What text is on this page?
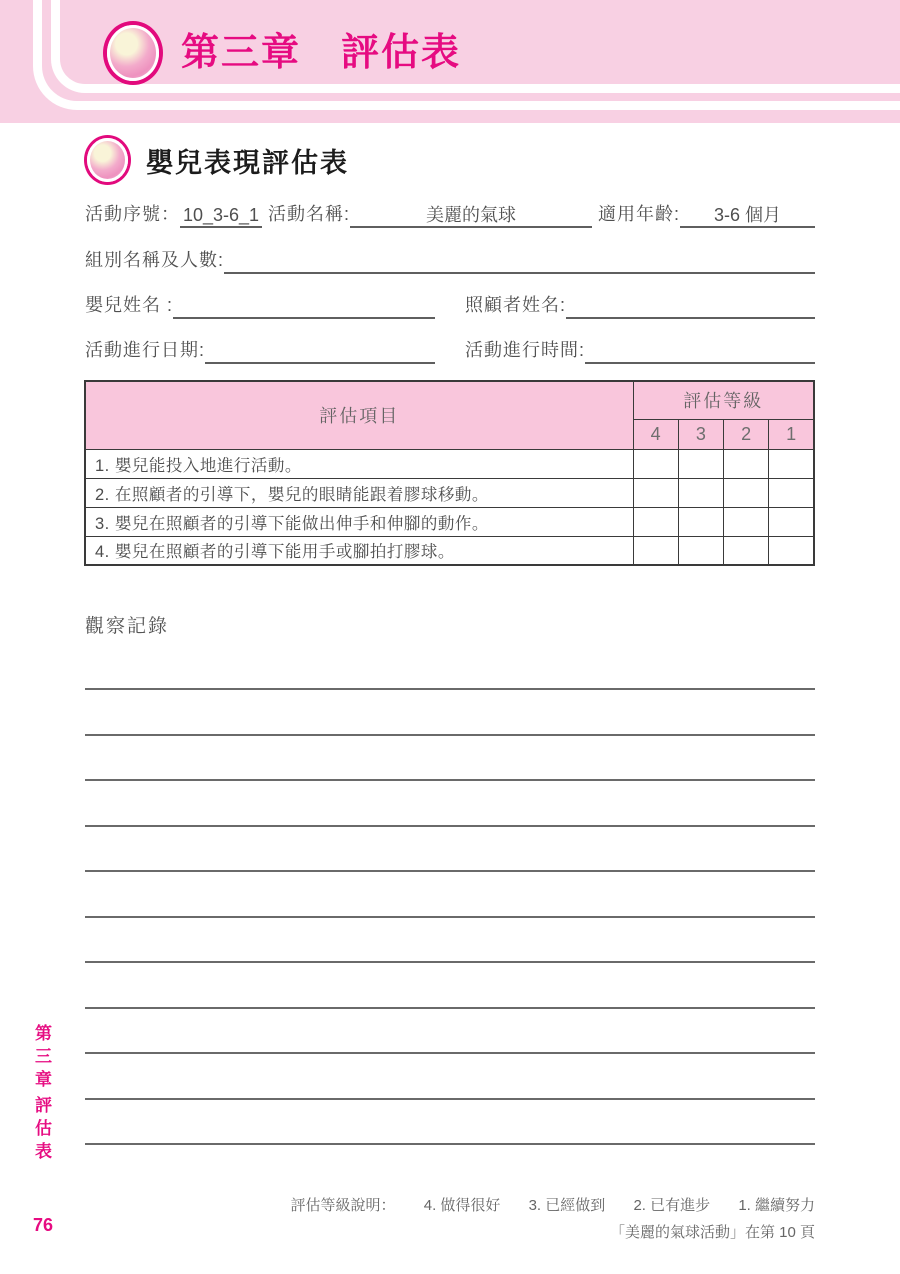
第三章　評估表
嬰兒表現評估表
活動序號： 10_3-6_1 活動名稱:	美麗的氣球	適用年齡:	3-6 個月
組別名稱及人數:
嬰兒姓名 :	照顧者姓名:
活動進行日期:	活動進行時間:
評估項目	評估等級			
	4	3	2	1
1. 嬰兒能投入地進行活動。				
2. 在照顧者的引導下，嬰兒的眼睛能跟着膠球移動。				
3. 嬰兒在照顧者的引導下能做出伸手和伸腳的動作。				
4. 嬰兒在照顧者的引導下能用手或腳拍打膠球。				
觀察記錄
第三章
評估表
76
評估等級說明： 4. 做得很好 3. 已經做到 2. 已有進步 1. 繼續努力
「美麗的氣球活動」在第 10 頁
